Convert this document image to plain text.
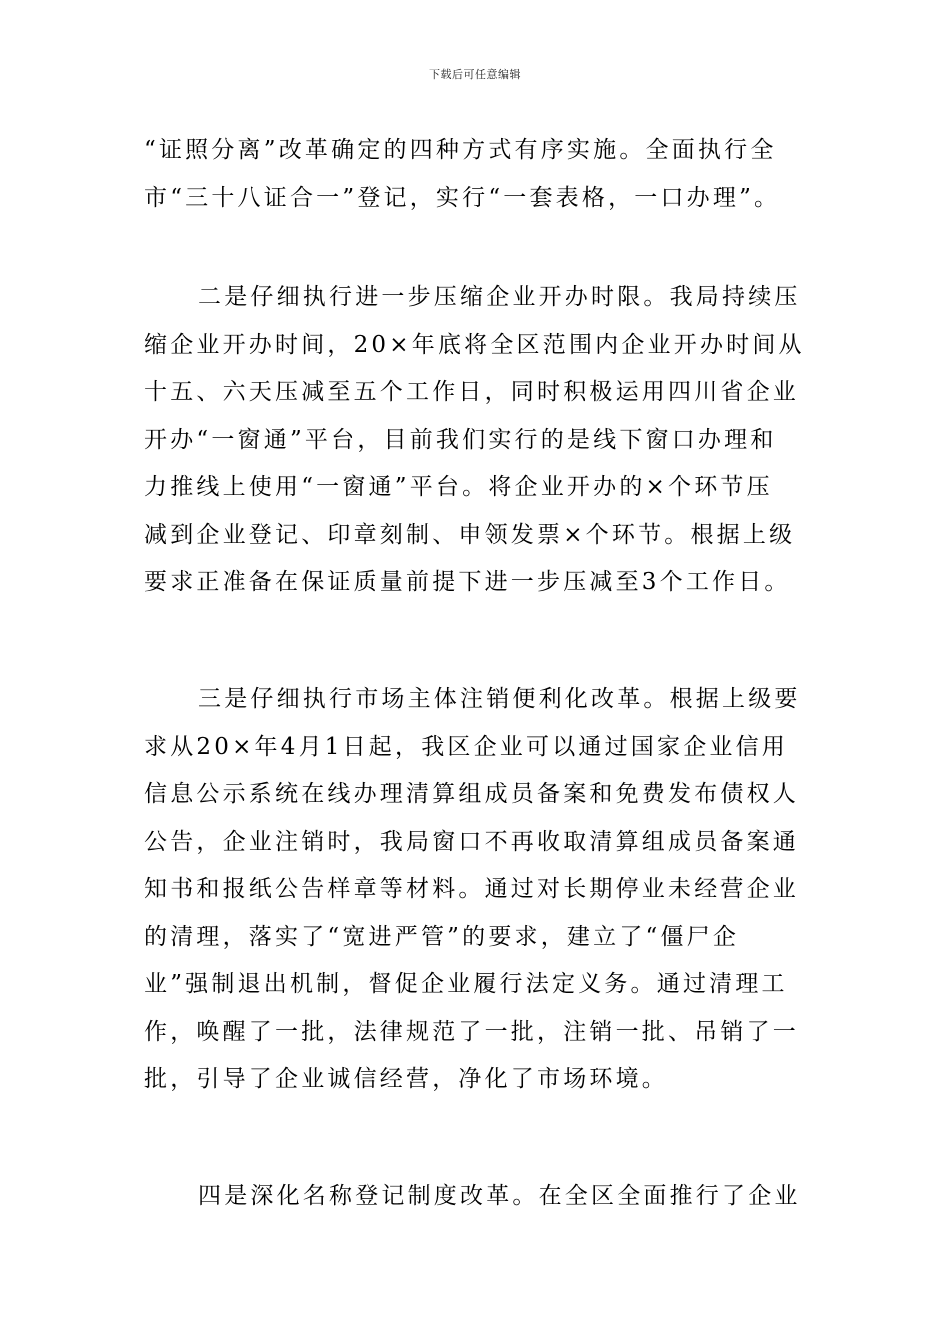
下载后可任意编辑
“证照分离”改革确定的四种方式有序实施。全面执行全
市“三十八证合一”登记，实行“一套表格，一口办理”。
二是仔细执行进一步压缩企业开办时限。我局持续压
缩企业开办时间，20×年底将全区范围内企业开办时间从
十五、六天压减至五个工作日，同时积极运用四川省企业
开办“一窗通”平台，目前我们实行的是线下窗口办理和
力推线上使用“一窗通”平台。将企业开办的×个环节压
减到企业登记、印章刻制、申领发票×个环节。根据上级
要求正准备在保证质量前提下进一步压减至3个工作日。
三是仔细执行市场主体注销便利化改革。根据上级要
求从20×年4月1日起，我区企业可以通过国家企业信用
信息公示系统在线办理清算组成员备案和免费发布债权人
公告，企业注销时，我局窗口不再收取清算组成员备案通
知书和报纸公告样章等材料。通过对长期停业未经营企业
的清理，落实了“宽进严管”的要求，建立了“僵尸企
业”强制退出机制，督促企业履行法定义务。通过清理工
作，唤醒了一批，法律规范了一批，注销一批、吊销了一
批，引导了企业诚信经营，净化了市场环境。
四是深化名称登记制度改革。在全区全面推行了企业
